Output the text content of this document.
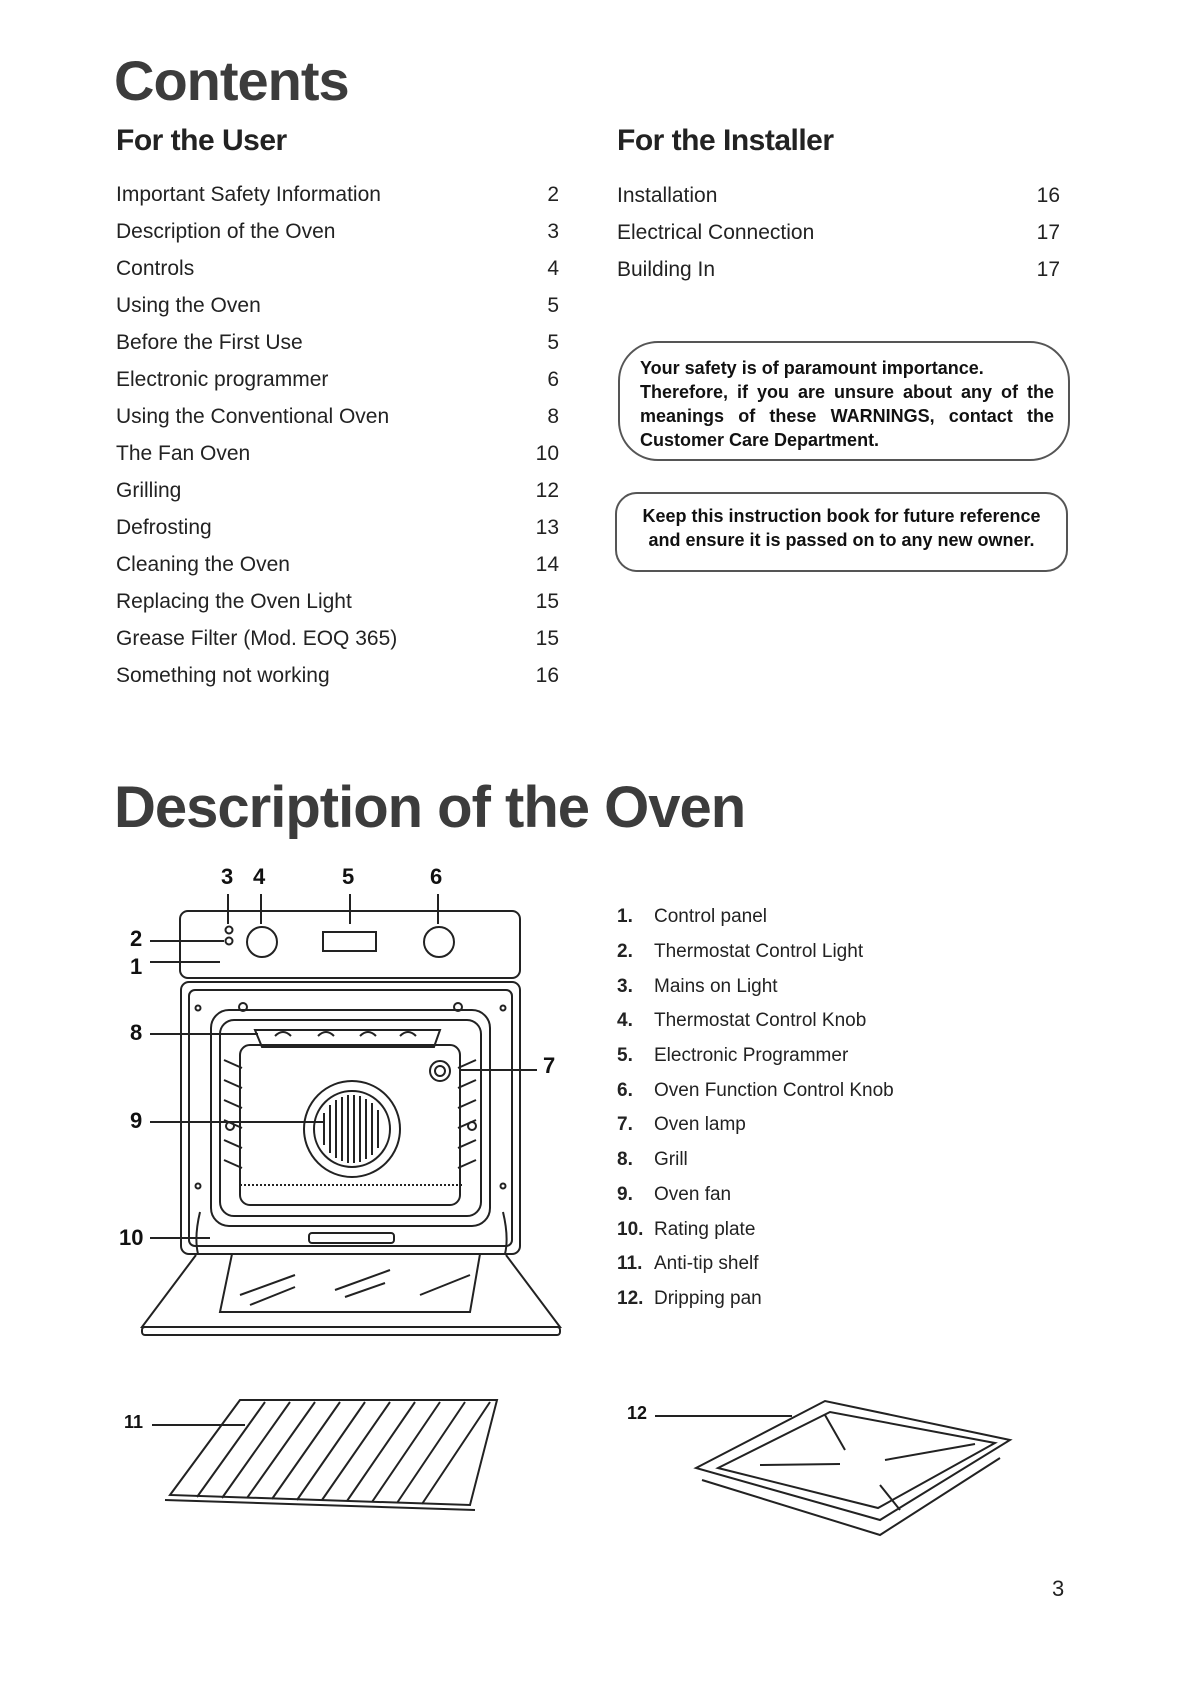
Contents
For the User	For the Installer
Important Safety Information	2
Description of the Oven	3
Controls	4
Using the Oven	5
Before the First Use	5
Electronic programmer	6
Using the Conventional Oven	8
The Fan Oven	10
Grilling	12
Defrosting	13
Cleaning the Oven	14
Replacing the Oven Light	15
Grease Filter (Mod. EOQ 365)	15
Something not working	16
Installation	16
Electrical Connection	17
Building In	17
Your safety is of paramount importance.
Therefore, if you are unsure about any of the
meanings of these WARNINGS, contact the
Customer Care Department.
Keep this instruction book for future reference
and ensure it is passed on to any new owner.
Description of the Oven
1.	Control panel
2.	Thermostat Control Light
3.	Mains on Light
4.	Thermostat Control Knob
5.	Electronic Programmer
6.	Oven Function Control Knob
7.	Oven lamp
8.	Grill
9.	Oven fan
10. Rating plate
11. Anti-tip shelf
12. Dripping pan
3 4	5	6
2
1
8
7
9
10
11	12
3
